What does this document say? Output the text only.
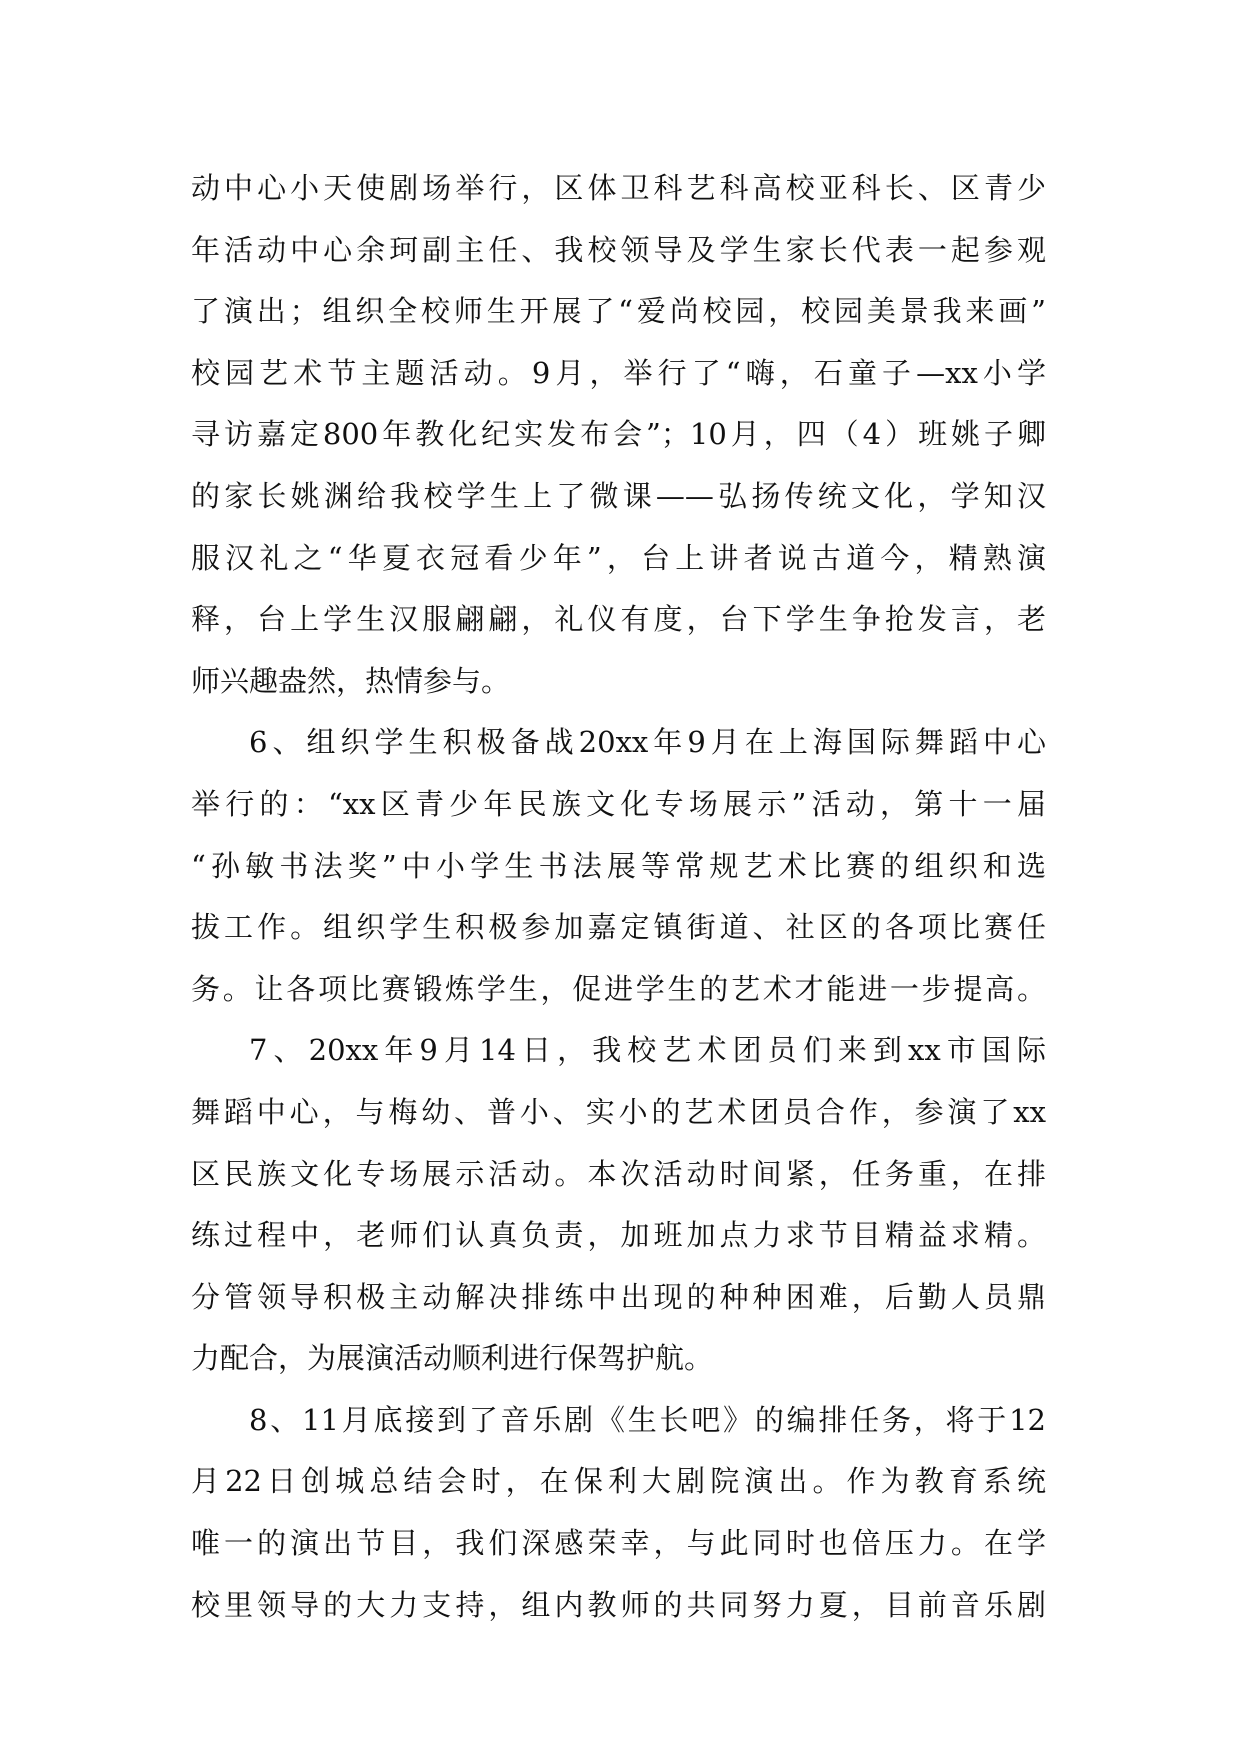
动中心小天使剧场举行，区体卫科艺科高校亚科长、区青少
年活动中心余珂副主任、我校领导及学生家长代表一起参观
了演出；组织全校师生开展了“爱尚校园，校园美景我来画”
校园艺术节主题活动。9月，举行了“嗨，石童子—xx小学
寻访嘉定800年教化纪实发布会”；10月，四（4）班姚子卿
的家长姚渊给我校学生上了微课——弘扬传统文化，学知汉
服汉礼之“华夏衣冠看少年”，台上讲者说古道今，精熟演
释，台上学生汉服翩翩，礼仪有度，台下学生争抢发言，老
师兴趣盎然，热情参与。
6、组织学生积极备战20xx年9月在上海国际舞蹈中心
举行的：“xx区青少年民族文化专场展示”活动，第十一届
“孙敏书法奖”中小学生书法展等常规艺术比赛的组织和选
拔工作。组织学生积极参加嘉定镇街道、社区的各项比赛任
务。让各项比赛锻炼学生，促进学生的艺术才能进一步提高。
7、20xx年9月14日，我校艺术团员们来到xx市国际
舞蹈中心，与梅幼、普小、实小的艺术团员合作，参演了xx
区民族文化专场展示活动。本次活动时间紧，任务重，在排
练过程中，老师们认真负责，加班加点力求节目精益求精。
分管领导积极主动解决排练中出现的种种困难，后勤人员鼎
力配合，为展演活动顺利进行保驾护航。
8、11月底接到了音乐剧《生长吧》的编排任务，将于12
月22日创城总结会时，在保利大剧院演出。作为教育系统
唯一的演出节目，我们深感荣幸，与此同时也倍压力。在学
校里领导的大力支持，组内教师的共同努力夏，目前音乐剧
